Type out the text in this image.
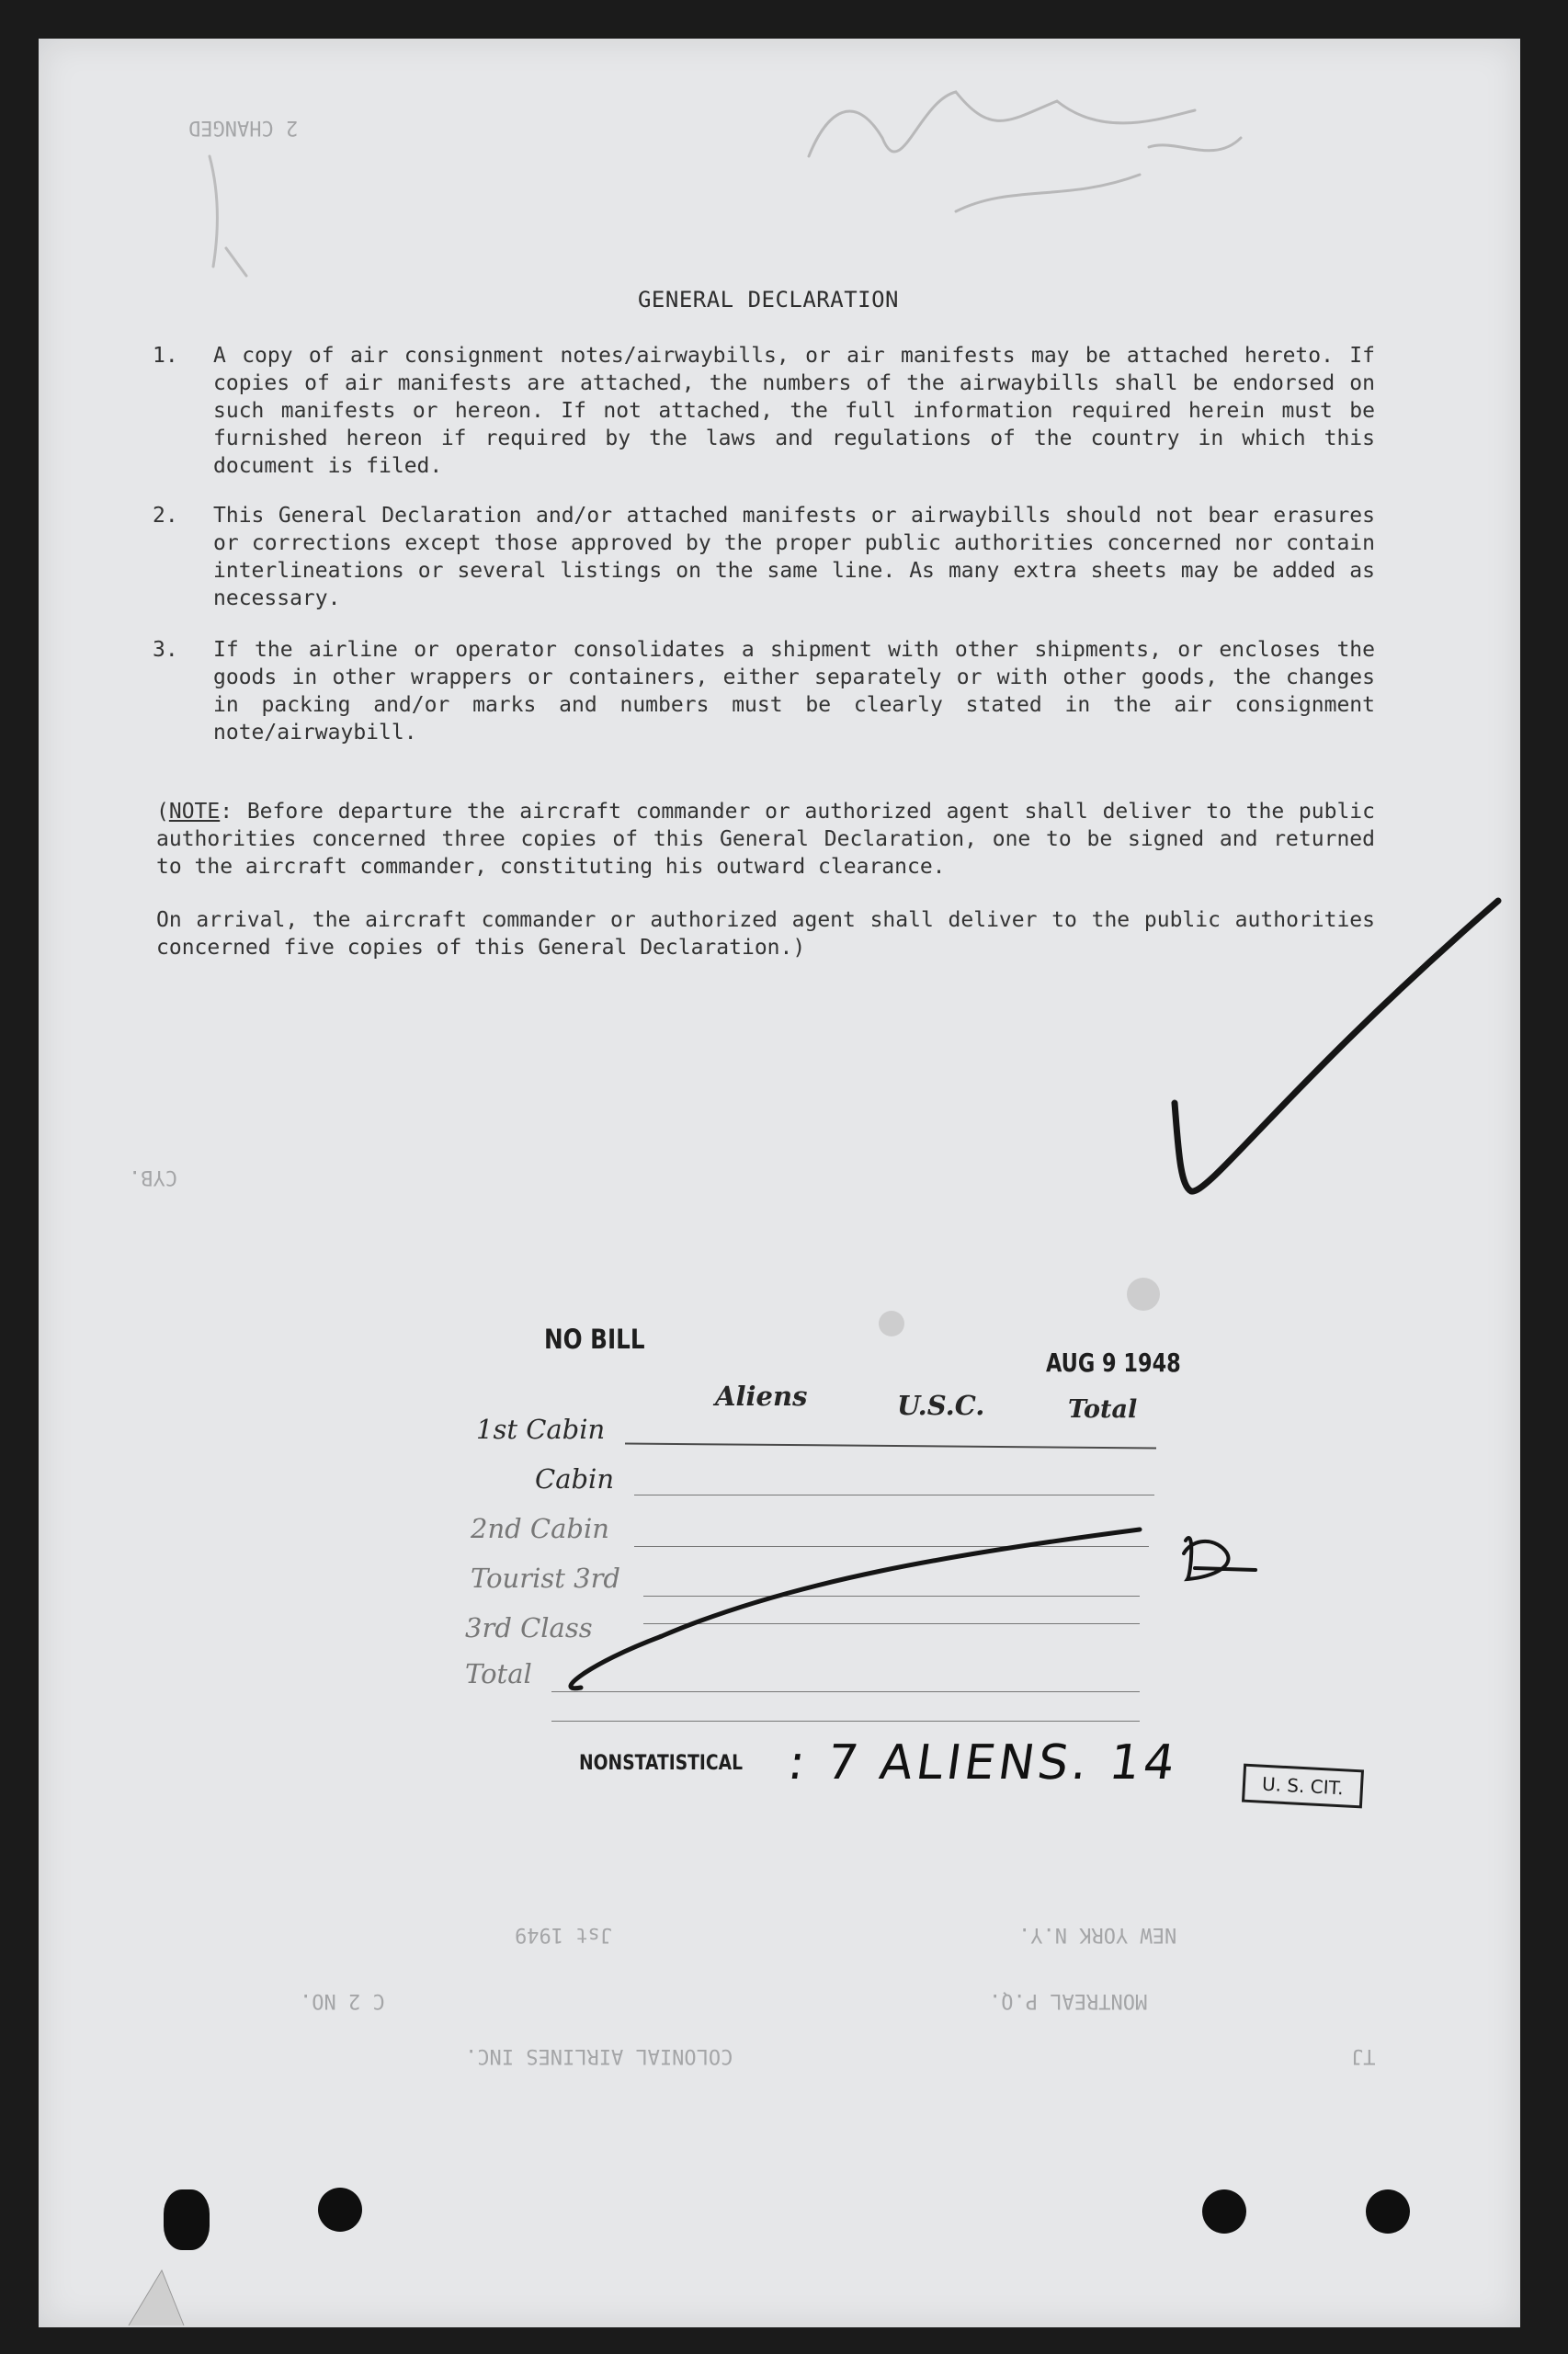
2 CHANGED
CYB.
Jst 1949	NEW YORK N.Y.
C 2 NO.	MONTREAL P.Q.
COLONIAL AIRLINES INC.	TJ
GENERAL DECLARATION
1. A copy of air consignment notes/airwaybills, or air manifests may be attached hereto. If copies of air manifests are attached, the numbers of the airwaybills shall be endorsed on such manifests or hereon. If not attached, the full information required herein must be furnished hereon if required by the laws and regulations of the country in which this document is filed.
2. This General Declaration and/or attached manifests or airwaybills should not bear erasures or corrections except those approved by the proper public authorities concerned nor contain interlineations or several listings on the same line. As many extra sheets may be added as necessary.
3. If the airline or operator consolidates a shipment with other shipments, or encloses the goods in other wrappers or containers, either separately or with other goods, the changes in packing and/or marks and numbers must be clearly stated in the air consignment note/airwaybill.
(NOTE: Before departure the aircraft commander or authorized agent shall deliver to the public authorities concerned three copies of this General Declaration, one to be signed and returned to the aircraft commander, constituting his outward clearance.
On arrival, the aircraft commander or authorized agent shall deliver to the public authorities concerned five copies of this General Declaration.)
NO BILL
AUG 9 1948
Aliens	U.S.C.	Total
1st Cabin
Cabin
2nd Cabin
Tourist 3rd
3rd Class
Total
NONSTATISTICAL : 7 ALIENS. 14	U. S. CIT.
